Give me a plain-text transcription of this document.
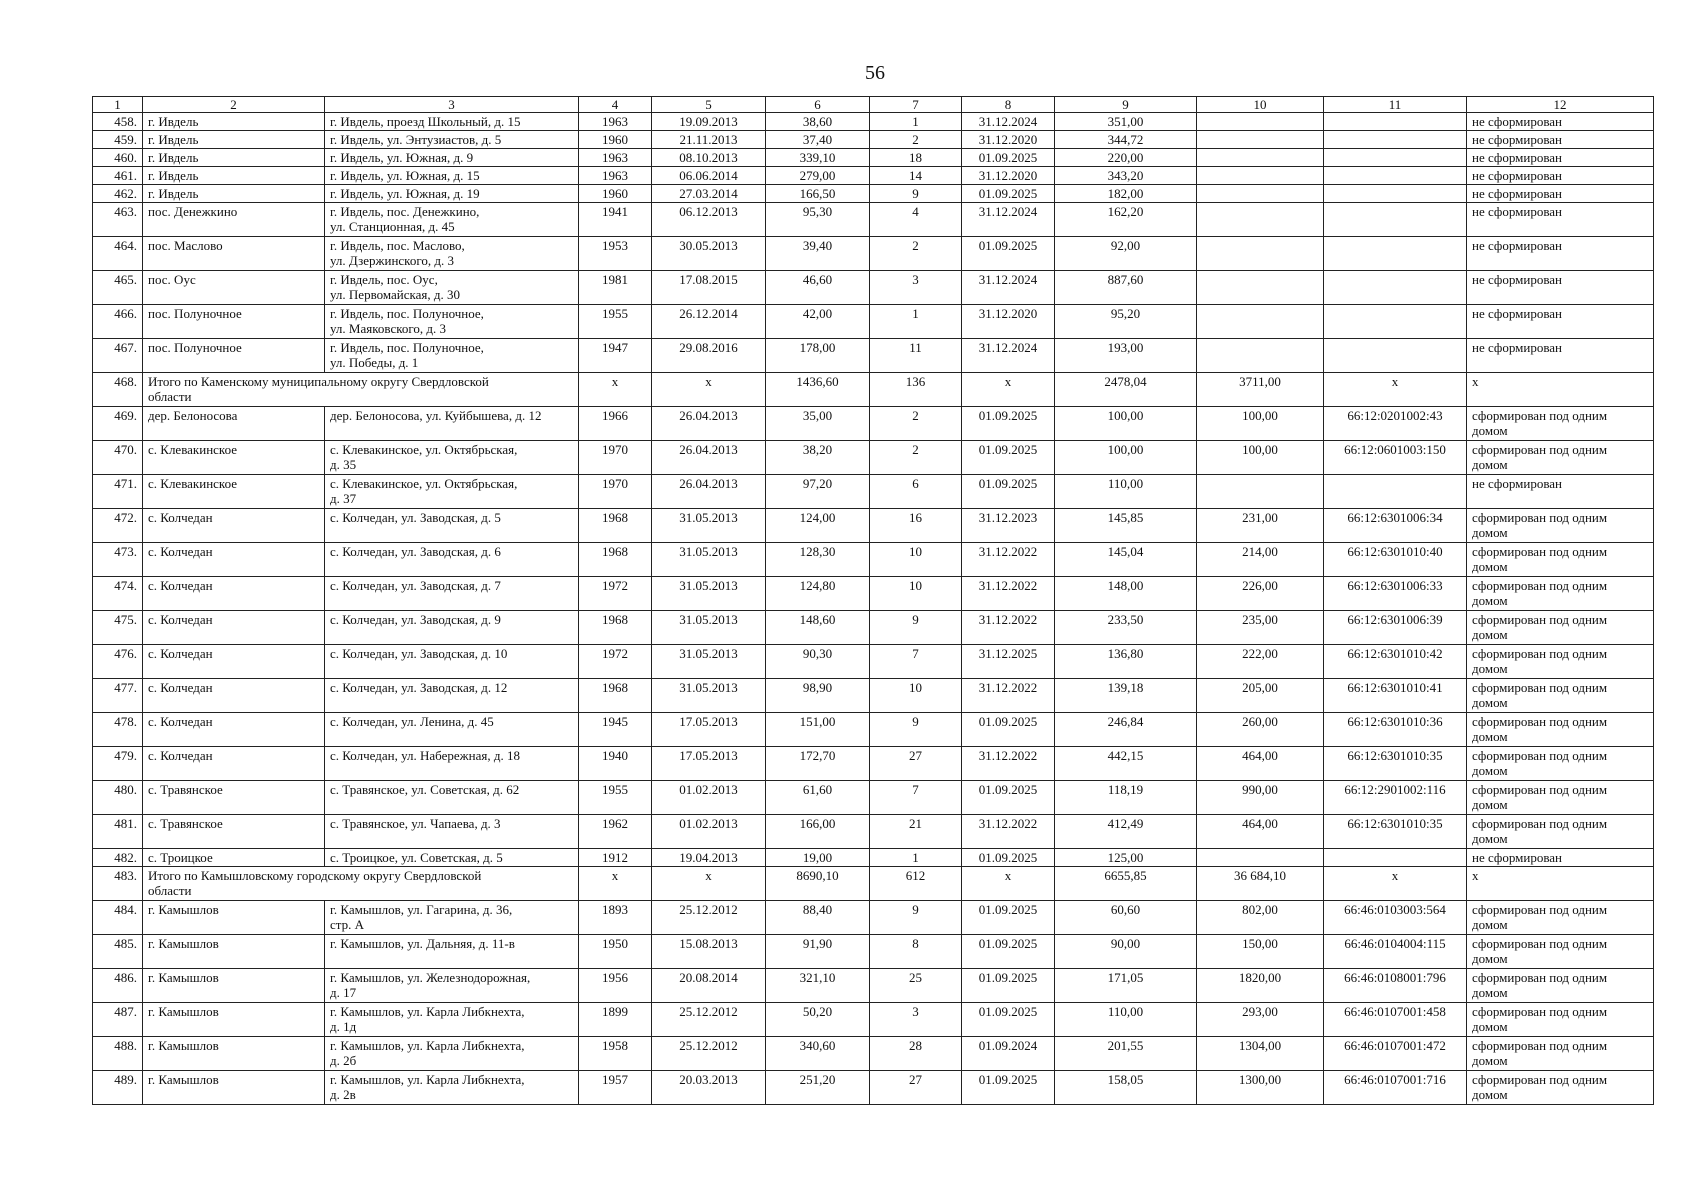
56
1	2	3	4	5	6	7	8	9	10	11	12
458.	г. Ивдель	г. Ивдель, проезд Школьный, д. 15	1963	19.09.2013	38,60	1	31.12.2024	351,00			не сформирован
459.	г. Ивдель	г. Ивдель, ул. Энтузиастов, д. 5	1960	21.11.2013	37,40	2	31.12.2020	344,72			не сформирован
460.	г. Ивдель	г. Ивдель, ул. Южная, д. 9	1963	08.10.2013	339,10	18	01.09.2025	220,00			не сформирован
461.	г. Ивдель	г. Ивдель, ул. Южная, д. 15	1963	06.06.2014	279,00	14	31.12.2020	343,20			не сформирован
462.	г. Ивдель	г. Ивдель, ул. Южная, д. 19	1960	27.03.2014	166,50	9	01.09.2025	182,00			не сформирован
463.	пос. Денежкино	г. Ивдель, пос. Денежкино,
ул. Станционная, д. 45	1941	06.12.2013	95,30	4	31.12.2024	162,20			не сформирован
464.	пос. Маслово	г. Ивдель, пос. Маслово,
ул. Дзержинского, д. 3	1953	30.05.2013	39,40	2	01.09.2025	92,00			не сформирован
465.	пос. Оус	г. Ивдель, пос. Оус,
ул. Первомайская, д. 30	1981	17.08.2015	46,60	3	31.12.2024	887,60			не сформирован
466.	пос. Полуночное	г. Ивдель, пос. Полуночное,
ул. Маяковского, д. 3	1955	26.12.2014	42,00	1	31.12.2020	95,20			не сформирован
467.	пос. Полуночное	г. Ивдель, пос. Полуночное,
ул. Победы, д. 1	1947	29.08.2016	178,00	11	31.12.2024	193,00			не сформирован
468.	Итого по Каменскому муниципальному округу Свердловской
области		x	x	1436,60	136	x	2478,04	3711,00	x	x
469.	дер. Белоносова	дер. Белоносова, ул. Куйбышева, д. 12	1966	26.04.2013	35,00	2	01.09.2025	100,00	100,00	66:12:0201002:43	сформирован под одним
домом
470.	с. Клевакинское	с. Клевакинское, ул. Октябрьская,
д. 35	1970	26.04.2013	38,20	2	01.09.2025	100,00	100,00	66:12:0601003:150	сформирован под одним
домом
471.	с. Клевакинское	с. Клевакинское, ул. Октябрьская,
д. 37	1970	26.04.2013	97,20	6	01.09.2025	110,00			не сформирован
472.	с. Колчедан	с. Колчедан, ул. Заводская, д. 5	1968	31.05.2013	124,00	16	31.12.2023	145,85	231,00	66:12:6301006:34	сформирован под одним
домом
473.	с. Колчедан	с. Колчедан, ул. Заводская, д. 6	1968	31.05.2013	128,30	10	31.12.2022	145,04	214,00	66:12:6301010:40	сформирован под одним
домом
474.	с. Колчедан	с. Колчедан, ул. Заводская, д. 7	1972	31.05.2013	124,80	10	31.12.2022	148,00	226,00	66:12:6301006:33	сформирован под одним
домом
475.	с. Колчедан	с. Колчедан, ул. Заводская, д. 9	1968	31.05.2013	148,60	9	31.12.2022	233,50	235,00	66:12:6301006:39	сформирован под одним
домом
476.	с. Колчедан	с. Колчедан, ул. Заводская, д. 10	1972	31.05.2013	90,30	7	31.12.2025	136,80	222,00	66:12:6301010:42	сформирован под одним
домом
477.	с. Колчедан	с. Колчедан, ул. Заводская, д. 12	1968	31.05.2013	98,90	10	31.12.2022	139,18	205,00	66:12:6301010:41	сформирован под одним
домом
478.	с. Колчедан	с. Колчедан, ул. Ленина, д. 45	1945	17.05.2013	151,00	9	01.09.2025	246,84	260,00	66:12:6301010:36	сформирован под одним
домом
479.	с. Колчедан	с. Колчедан, ул. Набережная, д. 18	1940	17.05.2013	172,70	27	31.12.2022	442,15	464,00	66:12:6301010:35	сформирован под одним
домом
480.	с. Травянское	с. Травянское, ул. Советская, д. 62	1955	01.02.2013	61,60	7	01.09.2025	118,19	990,00	66:12:2901002:116	сформирован под одним
домом
481.	с. Травянское	с. Травянское, ул. Чапаева, д. 3	1962	01.02.2013	166,00	21	31.12.2022	412,49	464,00	66:12:6301010:35	сформирован под одним
домом
482.	с. Троицкое	с. Троицкое, ул. Советская, д. 5	1912	19.04.2013	19,00	1	01.09.2025	125,00			не сформирован
483.	Итого по Камышловскому городскому округу Свердловской
области		x	x	8690,10	612	x	6655,85	36 684,10	x	x
484.	г. Камышлов	г. Камышлов, ул. Гагарина, д. 36,
стр. А	1893	25.12.2012	88,40	9	01.09.2025	60,60	802,00	66:46:0103003:564	сформирован под одним
домом
485.	г. Камышлов	г. Камышлов, ул. Дальняя, д. 11-в	1950	15.08.2013	91,90	8	01.09.2025	90,00	150,00	66:46:0104004:115	сформирован под одним
домом
486.	г. Камышлов	г. Камышлов, ул. Железнодорожная,
д. 17	1956	20.08.2014	321,10	25	01.09.2025	171,05	1820,00	66:46:0108001:796	сформирован под одним
домом
487.	г. Камышлов	г. Камышлов, ул. Карла Либкнехта,
д. 1д	1899	25.12.2012	50,20	3	01.09.2025	110,00	293,00	66:46:0107001:458	сформирован под одним
домом
488.	г. Камышлов	г. Камышлов, ул. Карла Либкнехта,
д. 2б	1958	25.12.2012	340,60	28	01.09.2024	201,55	1304,00	66:46:0107001:472	сформирован под одним
домом
489.	г. Камышлов	г. Камышлов, ул. Карла Либкнехта,
д. 2в	1957	20.03.2013	251,20	27	01.09.2025	158,05	1300,00	66:46:0107001:716	сформирован под одним
домом
